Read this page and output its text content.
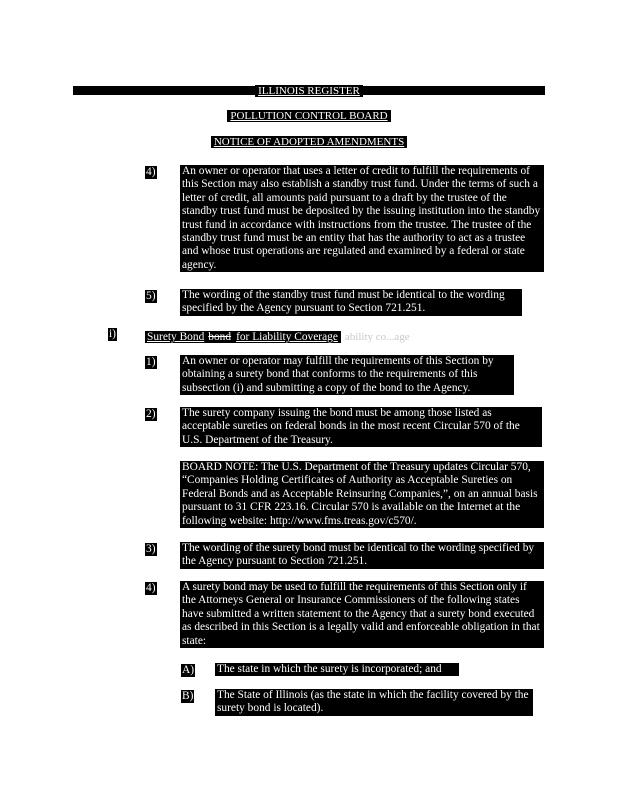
ILLINOIS REGISTER
POLLUTION CONTROL BOARD
NOTICE OF ADOPTED AMENDMENTS
4) An owner or operator that uses a letter of credit to fulfill the requirements of this Section may also establish a standby trust fund. Under the terms of such a letter of credit, all amounts paid pursuant to a draft by the trustee of the standby trust fund must be deposited by the issuing institution into the standby trust fund in accordance with instructions from the trustee. The trustee of the standby trust fund must be an entity that has the authority to act as a trustee and whose trust operations are regulated and examined by a federal or state agency.
5) The wording of the standby trust fund must be identical to the wording specified by the Agency pursuant to Section 721.251.
i)	Surety Bond bond for Liability Coverage ability co...age
1) An owner or operator may fulfill the requirements of this Section by obtaining a surety bond that conforms to the requirements of this subsection (i) and submitting a copy of the bond to the Agency.
2) The surety company issuing the bond must be among those listed as acceptable sureties on federal bonds in the most recent Circular 570 of the U.S. Department of the Treasury.
BOARD NOTE: The U.S. Department of the Treasury updates Circular 570, “Companies Holding Certificates of Authority as Acceptable Sureties on Federal Bonds and as Acceptable Reinsuring Companies,”, on an annual basis pursuant to 31 CFR 223.16. Circular 570 is available on the Internet at the following website: http://www.fms.treas.gov/c570/.
3) The wording of the surety bond must be identical to the wording specified by the Agency pursuant to Section 721.251.
4) A surety bond may be used to fulfill the requirements of this Section only if the Attorneys General or Insurance Commissioners of the following states have submitted a written statement to the Agency that a surety bond executed as described in this Section is a legally valid and enforceable obligation in that state:
A) The state in which the surety is incorporated; and
B) The State of Illinois (as the state in which the facility covered by the surety bond is located).
